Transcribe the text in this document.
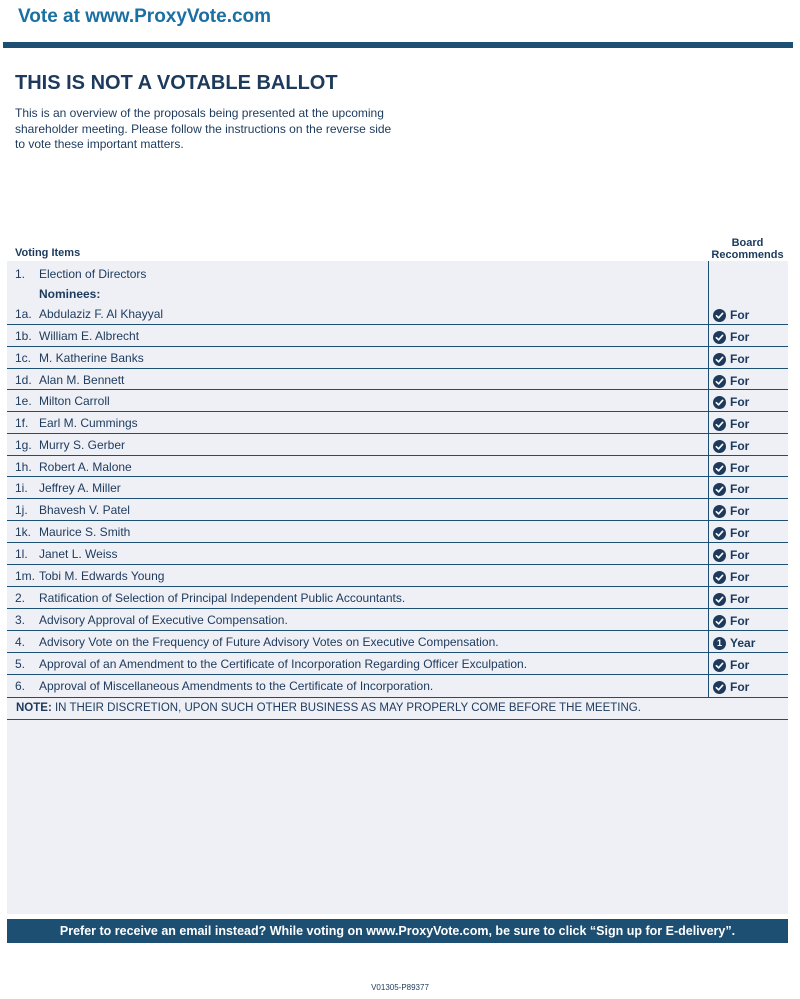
Vote at www.ProxyVote.com
THIS IS NOT A VOTABLE BALLOT
This is an overview of the proposals being presented at the upcoming shareholder meeting. Please follow the instructions on the reverse side to vote these important matters.
Voting Items
Board
Recommends
1. Election of Directors
Nominees:
1a. Abdulaziz F. Al Khayyal	For
1b. William E. Albrecht	For
1c. M. Katherine Banks	For
1d. Alan M. Bennett	For
1e. Milton Carroll	For
1f. Earl M. Cummings	For
1g. Murry S. Gerber	For
1h. Robert A. Malone	For
1i. Jeffrey A. Miller	For
1j. Bhavesh V. Patel	For
1k. Maurice S. Smith	For
1l. Janet L. Weiss	For
1m. Tobi M. Edwards Young	For
2. Ratification of Selection of Principal Independent Public Accountants.	For
3. Advisory Approval of Executive Compensation.	For
4. Advisory Vote on the Frequency of Future Advisory Votes on Executive Compensation.	1 Year
5. Approval of an Amendment to the Certificate of Incorporation Regarding Officer Exculpation.	For
6. Approval of Miscellaneous Amendments to the Certificate of Incorporation.	For
NOTE: IN THEIR DISCRETION, UPON SUCH OTHER BUSINESS AS MAY PROPERLY COME BEFORE THE MEETING.
Prefer to receive an email instead? While voting on www.ProxyVote.com, be sure to click “Sign up for E-delivery”.
V01305-P89377
